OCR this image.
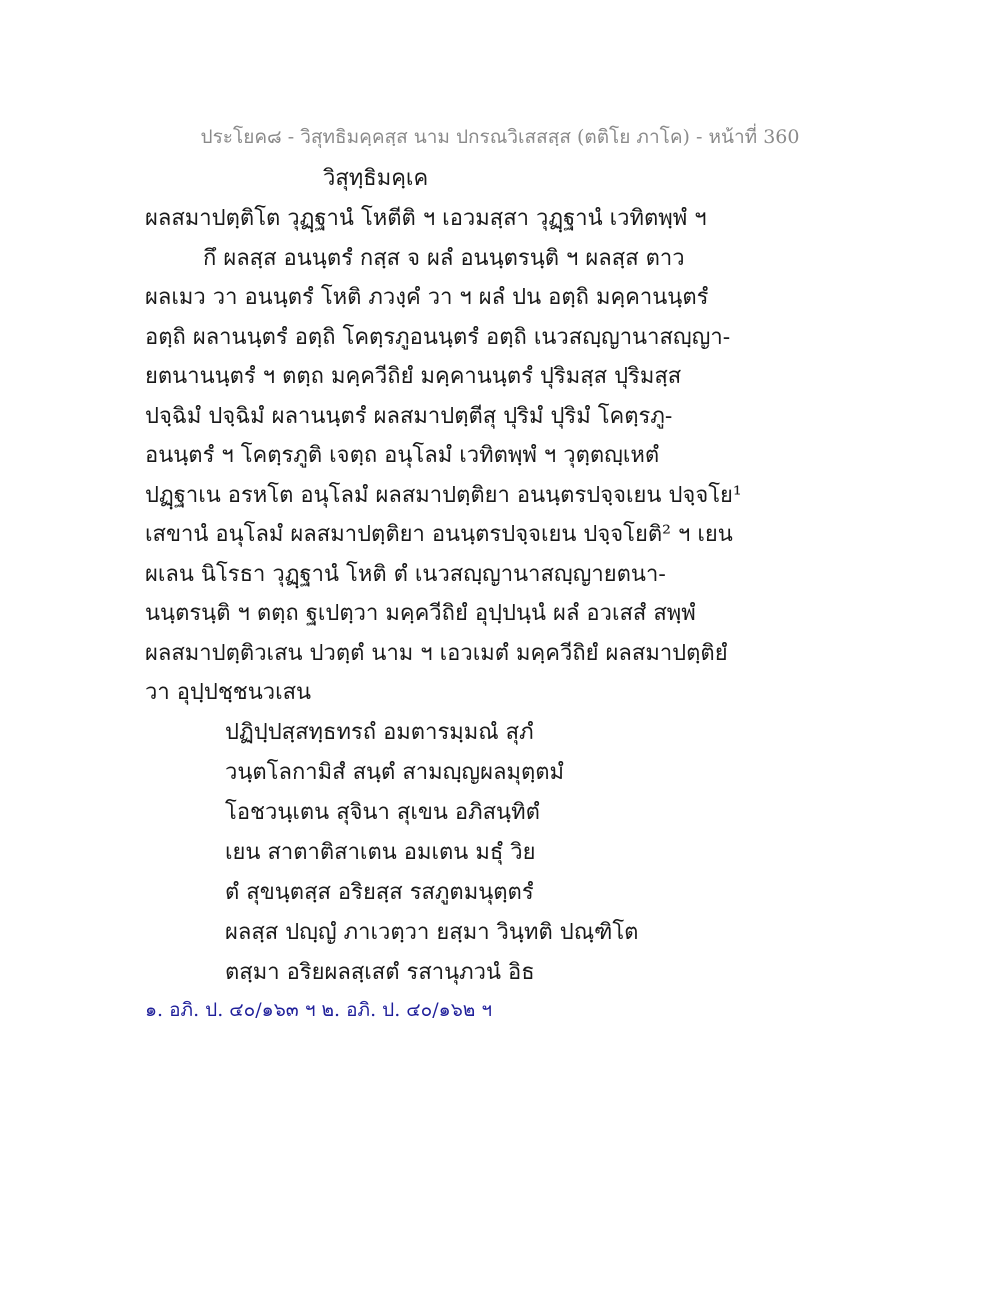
ประโยค๘ - วิสุทธิมคฺคสฺส นาม ปกรณวิเสสสฺส (ตติโย ภาโค) - หน้าที่ 360
วิสุทฺธิมคฺเค
ผลสมาปตฺติโต วุฏฺฐานํ โหตีติ ฯ เอวมสฺสา วุฏฺฐานํ เวทิตพฺพํ ฯ
กึ ผลสฺส อนนฺตรํ กสฺส จ ผลํ อนนฺตรนฺติ ฯ ผลสฺส ตาว
ผลเมว วา อนนฺตรํ โหติ ภวงฺคํ วา ฯ ผลํ ปน อตฺถิ มคฺคานนฺตรํ
อตฺถิ ผลานนฺตรํ อตฺถิ โคตฺรภูอนนฺตรํ อตฺถิ เนวสญฺญานาสญฺญา-
ยตนานนฺตรํ ฯ ตตฺถ มคฺควีถิยํ มคฺคานนฺตรํ ปุริมสฺส ปุริมสฺส
ปจฺฉิมํ ปจฺฉิมํ ผลานนฺตรํ ผลสมาปตฺตีสุ ปุริมํ ปุริมํ โคตฺรภู-
อนนฺตรํ ฯ โคตฺรภูติ เจตฺถ อนุโลมํ เวทิตพฺพํ ฯ วุตฺตญฺเหตํ
ปฏฺฐาเน อรหโต อนุโลมํ ผลสมาปตฺติยา อนนฺตรปจฺจเยน ปจฺจโย¹
เสขานํ อนุโลมํ ผลสมาปตฺติยา อนนฺตรปจฺจเยน ปจฺจโยติ² ฯ เยน
ผเลน นิโรธา วุฏฺฐานํ โหติ ตํ เนวสญฺญานาสญฺญายตนา-
นนฺตรนฺติ ฯ ตตฺถ ฐเปตฺวา มคฺควีถิยํ อุปฺปนฺนํ ผลํ อวเสสํ สพฺพํ
ผลสมาปตฺติวเสน ปวตฺตํ นาม ฯ เอวเมตํ มคฺควีถิยํ ผลสมาปตฺติยํ
วา อุปฺปชฺชนวเสน
ปฏิปฺปสฺสทฺธทรถํ อมตารมฺมณํ สุภํ
วนฺตโลกามิสํ สนฺตํ สามญฺญผลมุตฺตมํ
โอชวนฺเตน สุจินา สุเขน อภิสนฺทิตํ
เยน สาตาติสาเตน อมเตน มธุํ วิย
ตํ สุขนฺตสฺส อริยสฺส รสภูตมนุตฺตรํ
ผลสฺส ปญฺญํ ภาเวตฺวา ยสฺมา วินฺทติ ปณฺฑิโต
ตสฺมา อริยผลสฺเสตํ รสานุภวนํ อิธ
๑. อภิ. ป. ๔๐/๑๖๓ ฯ ๒. อภิ. ป. ๔๐/๑๖๒ ฯ
